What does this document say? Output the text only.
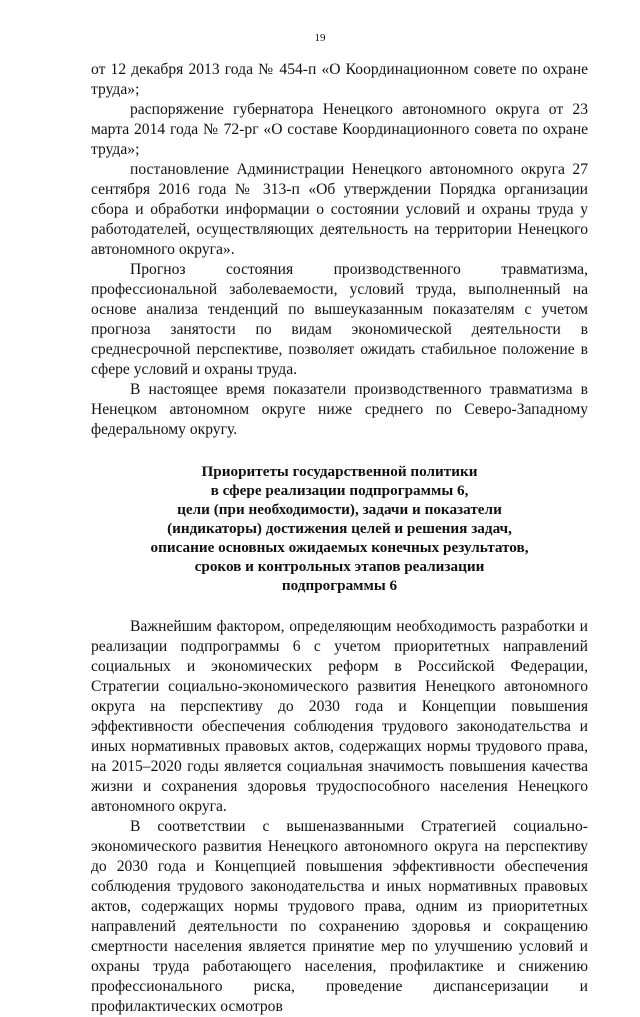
19

от 12 декабря 2013 года № 454-п «О Координационном совете по охране труда»;

распоряжение губернатора Ненецкого автономного округа от 23 марта 2014 года № 72-рг «О составе Координационного совета по охране труда»;

постановление Администрации Ненецкого автономного округа 27 сентября 2016 года № 313-п «Об утверждении Порядка организации сбора и обработки информации о состоянии условий и охраны труда у работодателей, осуществляющих деятельность на территории Ненецкого автономного округа».

Прогноз состояния производственного травматизма, профессиональной заболеваемости, условий труда, выполненный на основе анализа тенденций по вышеуказанным показателям с учетом прогноза занятости по видам экономической деятельности в среднесрочной перспективе, позволяет ожидать стабильное положение в сфере условий и охраны труда.

В настоящее время показатели производственного травматизма в Ненецком автономном округе ниже среднего по Северо-Западному федеральному округу.

Приоритеты государственной политики
в сфере реализации подпрограммы 6,
цели (при необходимости), задачи и показатели
(индикаторы) достижения целей и решения задач,
описание основных ожидаемых конечных результатов,
сроков и контрольных этапов реализации
подпрограммы 6

Важнейшим фактором, определяющим необходимость разработки и реализации подпрограммы 6 с учетом приоритетных направлений социальных и экономических реформ в Российской Федерации, Стратегии социально-экономического развития Ненецкого автономного округа на перспективу до 2030 года и Концепции повышения эффективности обеспечения соблюдения трудового законодательства и иных нормативных правовых актов, содержащих нормы трудового права, на 2015–2020 годы является социальная значимость повышения качества жизни и сохранения здоровья трудоспособного населения Ненецкого автономного округа.

В соответствии с вышеназванными Стратегией социально-экономического развития Ненецкого автономного округа на перспективу до 2030 года и Концепцией повышения эффективности обеспечения соблюдения трудового законодательства и иных нормативных правовых актов, содержащих нормы трудового права, одним из приоритетных направлений деятельности по сохранению здоровья и сокращению смертности населения является принятие мер по улучшению условий и охраны труда работающего населения, профилактике и снижению профессионального риска, проведение диспансеризации и профилактических осмотров
